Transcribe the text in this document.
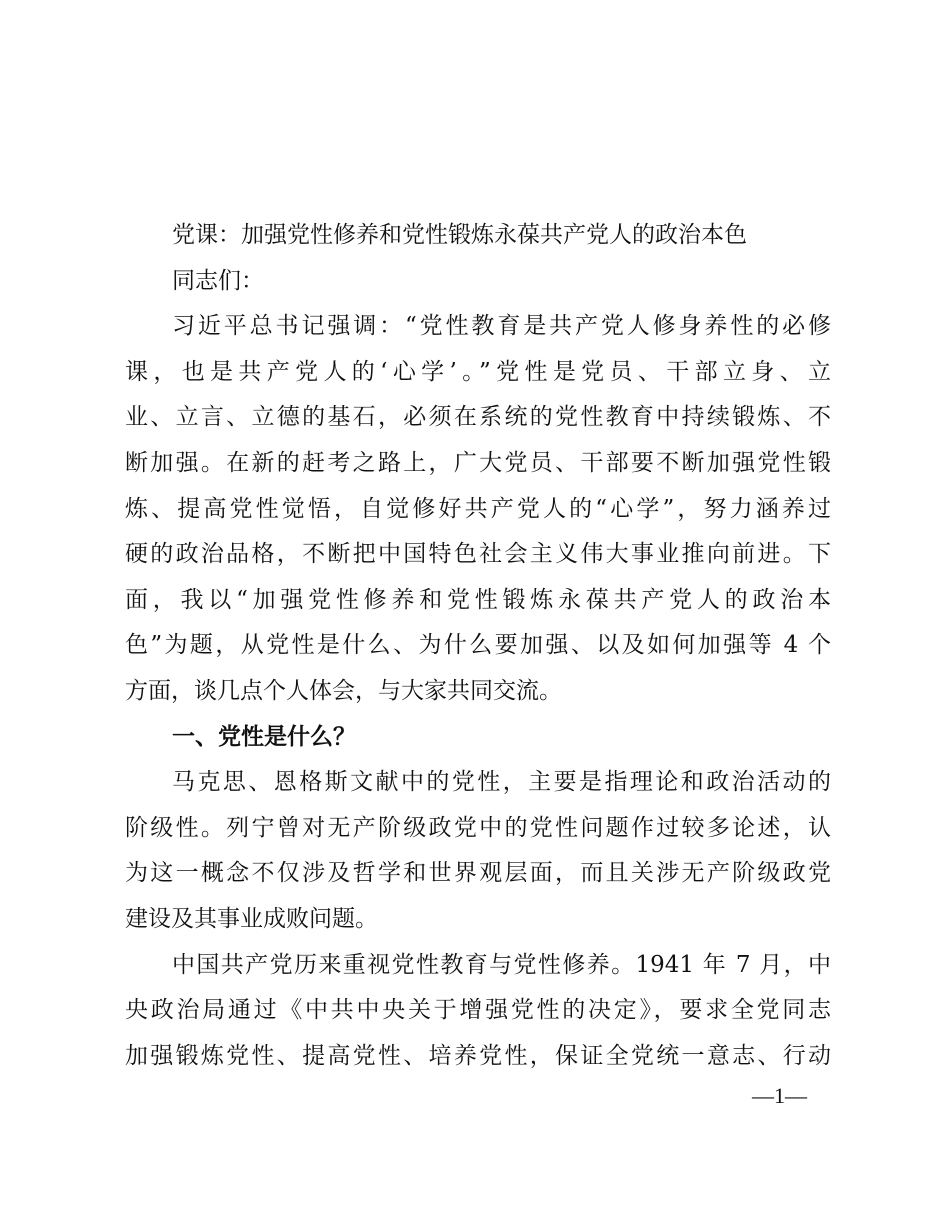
党课：加强党性修养和党性锻炼永葆共产党人的政治本色
同志们：
习近平总书记强调：“党性教育是共产党人修身养性的必修
课，也是共产党人的‘心学’。”党性是党员、干部立身、立
业、立言、立德的基石，必须在系统的党性教育中持续锻炼、不
断加强。在新的赶考之路上，广大党员、干部要不断加强党性锻
炼、提高党性觉悟，自觉修好共产党人的“心学”，努力涵养过
硬的政治品格，不断把中国特色社会主义伟大事业推向前进。下
面，我以“加强党性修养和党性锻炼永葆共产党人的政治本
色”为题，从党性是什么、为什么要加强、以及如何加强等 4 个
方面，谈几点个人体会，与大家共同交流。
一、党性是什么？
马克思、恩格斯文献中的党性，主要是指理论和政治活动的
阶级性。列宁曾对无产阶级政党中的党性问题作过较多论述，认
为这一概念不仅涉及哲学和世界观层面，而且关涉无产阶级政党
建设及其事业成败问题。
中国共产党历来重视党性教育与党性修养。1941 年 7 月，中
央政治局通过《中共中央关于增强党性的决定》，要求全党同志
加强锻炼党性、提高党性、培养党性，保证全党统一意志、行动
—1—
